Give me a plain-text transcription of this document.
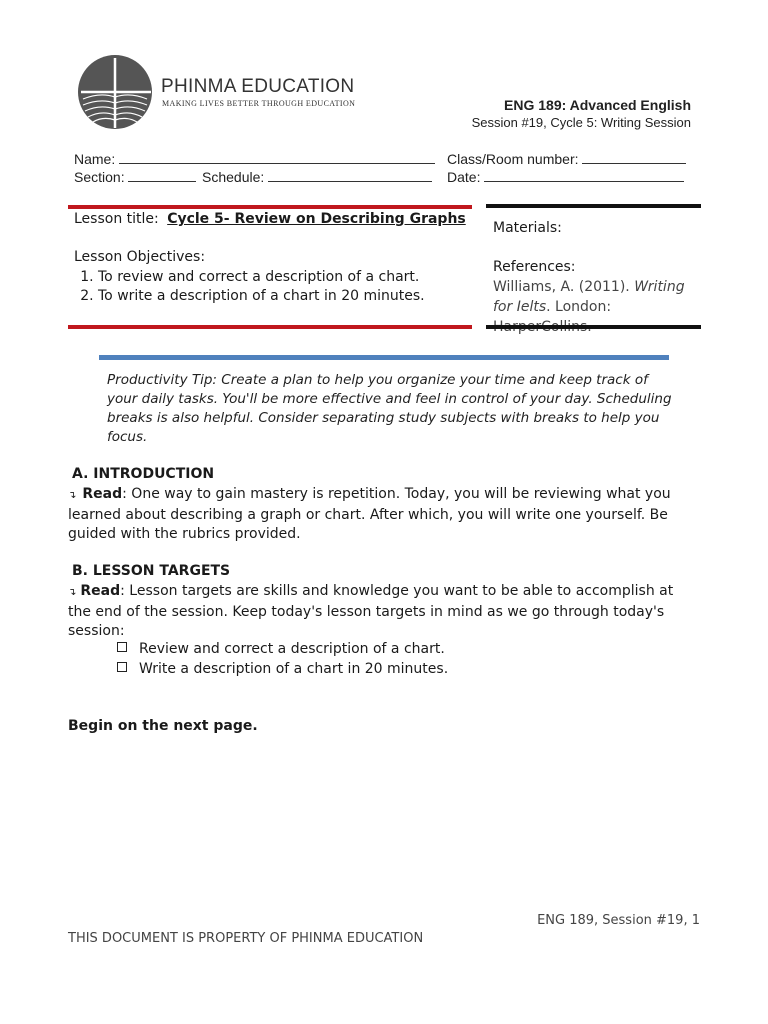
PHINMA EDUCATION
MAKING LIVES BETTER THROUGH EDUCATION	ENG 189: Advanced English
Session #19, Cycle 5: Writing Session
Name:	Class/Room number:
Section:	Schedule:	Date:
Lesson title: Cycle 5- Review on Describing Graphs
Lesson Objectives:
1. To review and correct a description of a chart.
2. To write a description of a chart in 20 minutes.
Materials:
References:
Williams, A. (2011). Writing for Ielts. London:
Productivity Tip: Create a plan to help you organize your time and keep track of your daily tasks. You'll be more effective and feel in control of your day. Scheduling breaks is also helpful. Consider separating study subjects with breaks to help you focus.
A. INTRODUCTION
↴ Read: One way to gain mastery is repetition. Today, you will be reviewing what you learned about describing a graph or chart. After which, you will write one yourself. Be guided with the rubrics provided.
B. LESSON TARGETS
↴ Read: Lesson targets are skills and knowledge you want to be able to accomplish at the end of the session. Keep today's lesson targets in mind as we go through today's session:
Review and correct a description of a chart.
Write a description of a chart in 20 minutes.
Begin on the next page.
ENG 189, Session #19, 1
THIS DOCUMENT IS PROPERTY OF PHINMA EDUCATION
